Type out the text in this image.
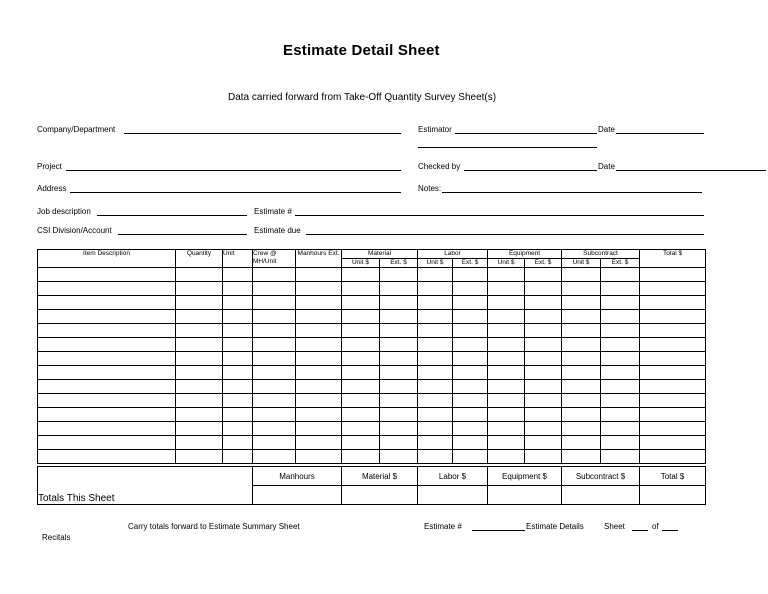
Estimate Detail Sheet
Data carried forward from Take-Off Quantity Survey Sheet(s)
Company/Department	Estimator	Date
Project	Checked by	Date
Address	Notes:
Job description	Estimate #
CSI Division/Account	Estimate due
Item Description	Quantity	Unit	Crew @ MH/Unit	Manhours Ext.	Material		Labor		Equipment		Subcontract		Total $
					Unit $	Ext. $	Unit $	Ext. $	Unit $	Ext. $	Unit $	Ext. $	

Totals This Sheet	Manhours	Material $	Labor $	Equipment $	Subcontract $	Total $

Carry totals forward to Estimate Summary Sheet	Estimate #	Estimate Details	Sheet	of
Recitals
